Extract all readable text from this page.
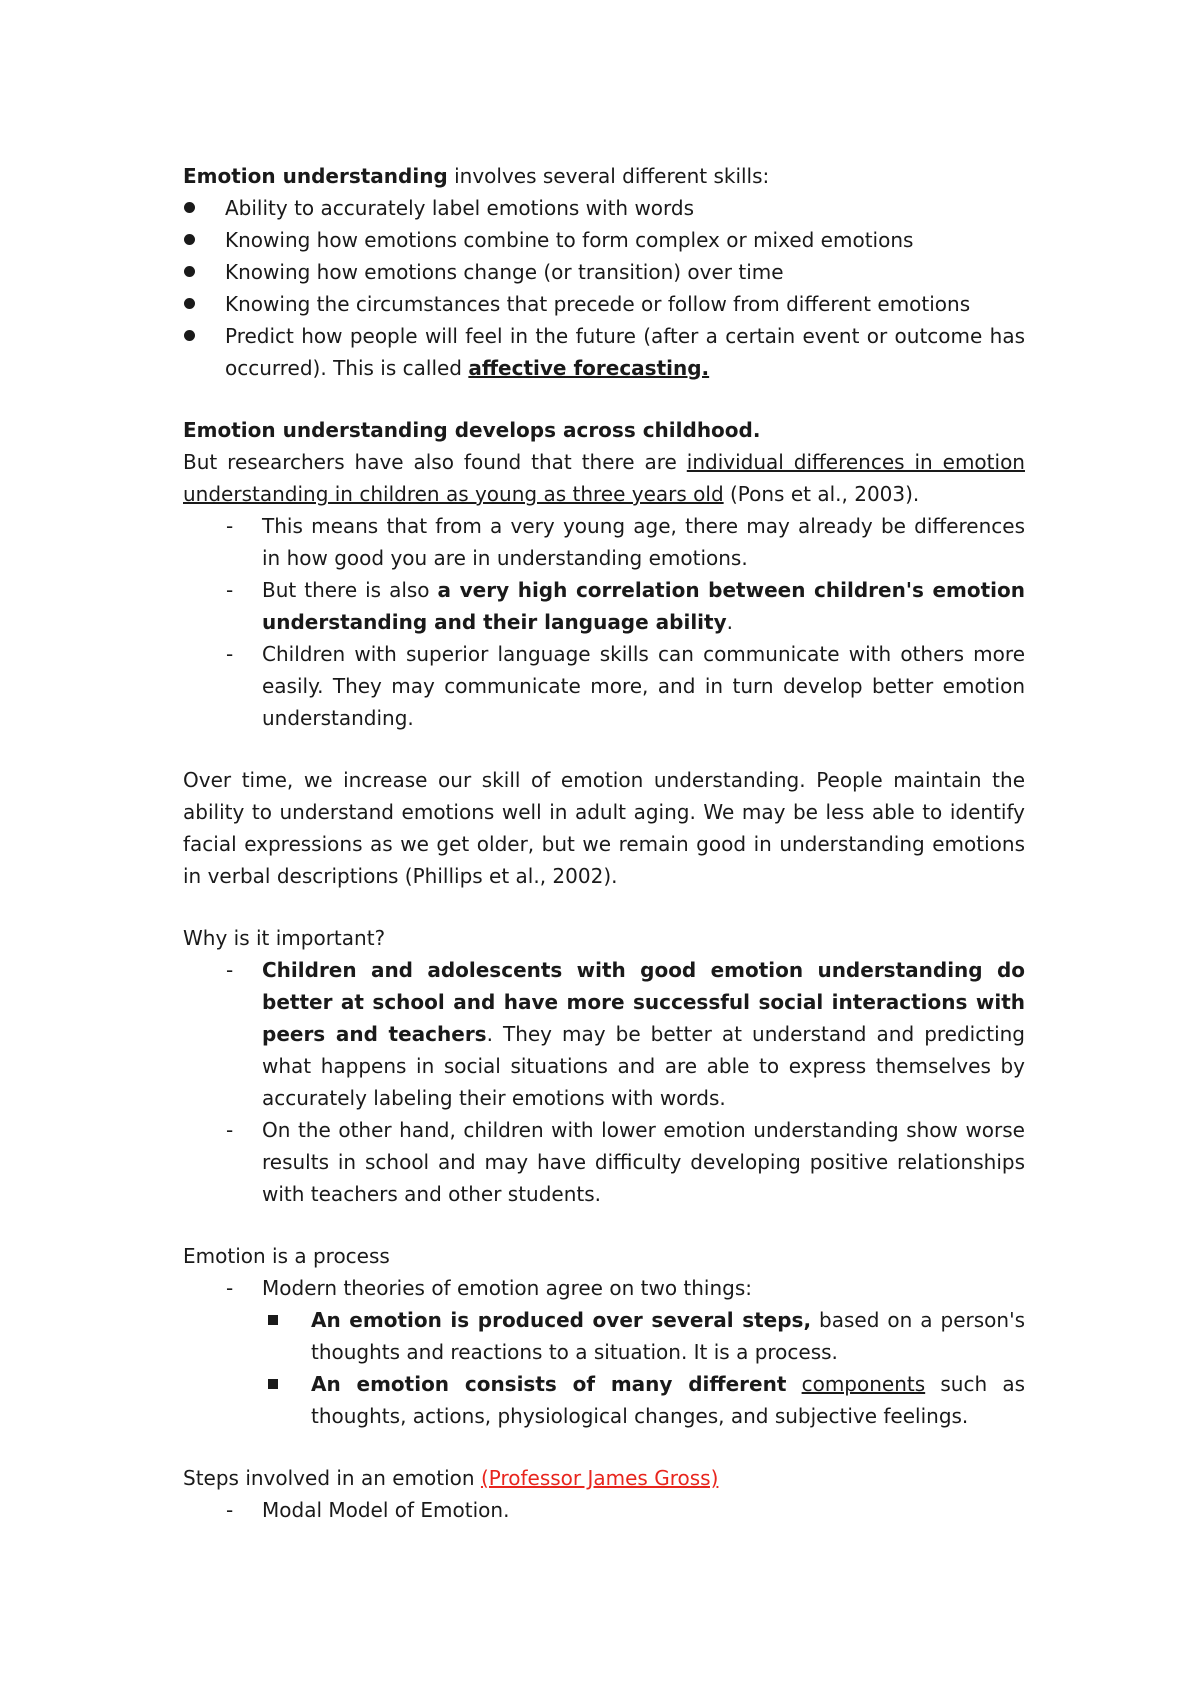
Emotion understanding involves several different skills:

Ability to accurately label emotions with words
Knowing how emotions combine to form complex or mixed emotions
Knowing how emotions change (or transition) over time
Knowing the circumstances that precede or follow from different emotions
Predict how people will feel in the future (after a certain event or outcome has occurred). This is called affective forecasting.

Emotion understanding develops across childhood.

But researchers have also found that there are individual differences in emotion understanding in children as young as three years old (Pons et al., 2003).

- This means that from a very young age, there may already be differences in how good you are in understanding emotions.
- But there is also a very high correlation between children's emotion understanding and their language ability.
- Children with superior language skills can communicate with others more easily. They may communicate more, and in turn develop better emotion understanding.

Over time, we increase our skill of emotion understanding. People maintain the ability to understand emotions well in adult aging. We may be less able to identify facial expressions as we get older, but we remain good in understanding emotions in verbal descriptions (Phillips et al., 2002).

Why is it important?

- Children and adolescents with good emotion understanding do better at school and have more successful social interactions with peers and teachers. They may be better at understand and predicting what happens in social situations and are able to express themselves by accurately labeling their emotions with words.
- On the other hand, children with lower emotion understanding show worse results in school and may have difficulty developing positive relationships with teachers and other students.

Emotion is a process

- Modern theories of emotion agree on two things:
An emotion is produced over several steps, based on a person's thoughts and reactions to a situation. It is a process.
An emotion consists of many different components such as thoughts, actions, physiological changes, and subjective feelings.

Steps involved in an emotion (Professor James Gross)

- Modal Model of Emotion.
